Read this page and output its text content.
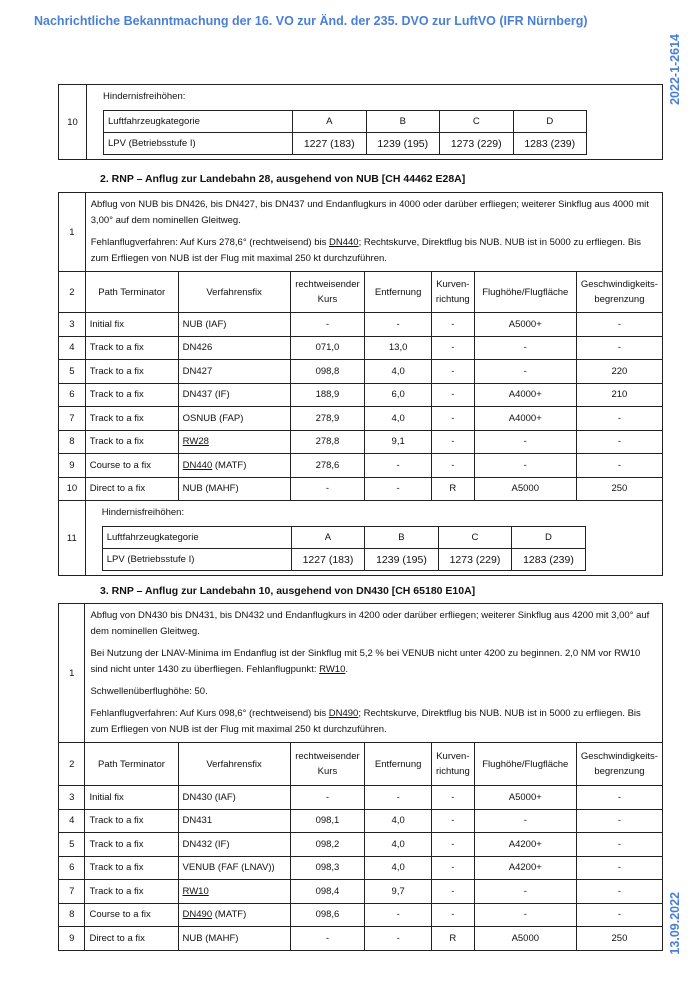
Nachrichtliche Bekanntmachung der 16. VO zur Änd. der 235. DVO zur LuftVO (IFR Nürnberg)
2022-1-2614
13.09.2022
10	
Hindernisfreihöhen:
Luftfahrzeugkategorie	A	B	C	D
LPV (Betriebsstufe I)	1227 (183)	1239 (195)	1273 (229)	1283 (239)
2. RNP – Anflug zur Landebahn 28, ausgehend von NUB [CH 44462 E28A]
1	

Abflug von NUB bis DN426, bis DN427, bis DN437 und Endanflugkurs in 4000 oder darüber erfliegen; weiterer Sinkflug aus 4000 mit 3,00° auf dem nominellen Gleitweg.

Fehlanflugverfahren: Auf Kurs 278,6° (rechtweisend) bis DN440; Rechtskurve, Direktflug bis NUB. NUB ist in 5000 zu erfliegen. Bis zum Erfliegen von NUB ist der Flug mit maximal 250 kt durchzuführen.

2	Path Terminator	Verfahrensfix	rechtweisender Kurs	Entfernung	Kurven-richtung	Flughöhe/Flugfläche	Geschwindigkeits-begrenzung
3	Initial fix	NUB (IAF)	-	-	-	A5000+	-
4	Track to a fix	DN426	071,0	13,0	-	-	-
5	Track to a fix	DN427	098,8	4,0	-	-	220
6	Track to a fix	DN437 (IF)	188,9	6,0	-	A4000+	210
7	Track to a fix	OSNUB (FAP)	278,9	4,0	-	A4000+	-
8	Track to a fix	RW28	278,8	9,1	-	-	-
9	Course to a fix	DN440 (MATF)	278,6	-	-	-	-
10	Direct to a fix	NUB (MAHF)	-	-	R	A5000	250
11	
Hindernisfreihöhen:
Luftfahrzeugkategorie	A	B	C	D
LPV (Betriebsstufe I)	1227 (183)	1239 (195)	1273 (229)	1283 (239)
3. RNP – Anflug zur Landebahn 10, ausgehend von DN430 [CH 65180 E10A]
1	Abflug von DN430 bis DN431, bis DN432 und Endanflugkurs in 4200 oder darüber erfliegen; weiterer Sinkflug aus 4200 mit 3,00° auf dem nominellen Gleitweg.

Bei Nutzung der LNAV-Minima im Endanflug ist der Sinkflug mit 5,2 % bei VENUB nicht unter 4200 zu beginnen. 2,0 NM vor RW10 sind nicht unter 1430 zu überfliegen. Fehlanflugpunkt: RW10.

Schwellenüberflughöhe: 50.

Fehlanflugverfahren: Auf Kurs 098,6° (rechtweisend) bis DN490; Rechtskurve, Direktflug bis NUB. NUB ist in 5000 zu erfliegen. Bis zum Erfliegen von NUB ist der Flug mit maximal 250 kt durchzuführen.						

2	Path Terminator	Verfahrensfix	rechtweisender Kurs	Entfernung	Kurven-richtung	Flughöhe/Flugfläche	Geschwindigkeits-begrenzung
3	Initial fix	DN430 (IAF)	-	-	-	A5000+	-
4	Track to a fix	DN431	098,1	4,0	-	-	-
5	Track to a fix	DN432 (IF)	098,2	4,0	-	A4200+	-
6	Track to a fix	VENUB (FAF (LNAV))	098,3	4,0	-	A4200+	-
7	Track to a fix	RW10	098,4	9,7	-	-	-
8	Course to a fix	DN490 (MATF)	098,6	-	-	-	-
9	Direct to a fix	NUB (MAHF)	-	-	R	A5000	250
